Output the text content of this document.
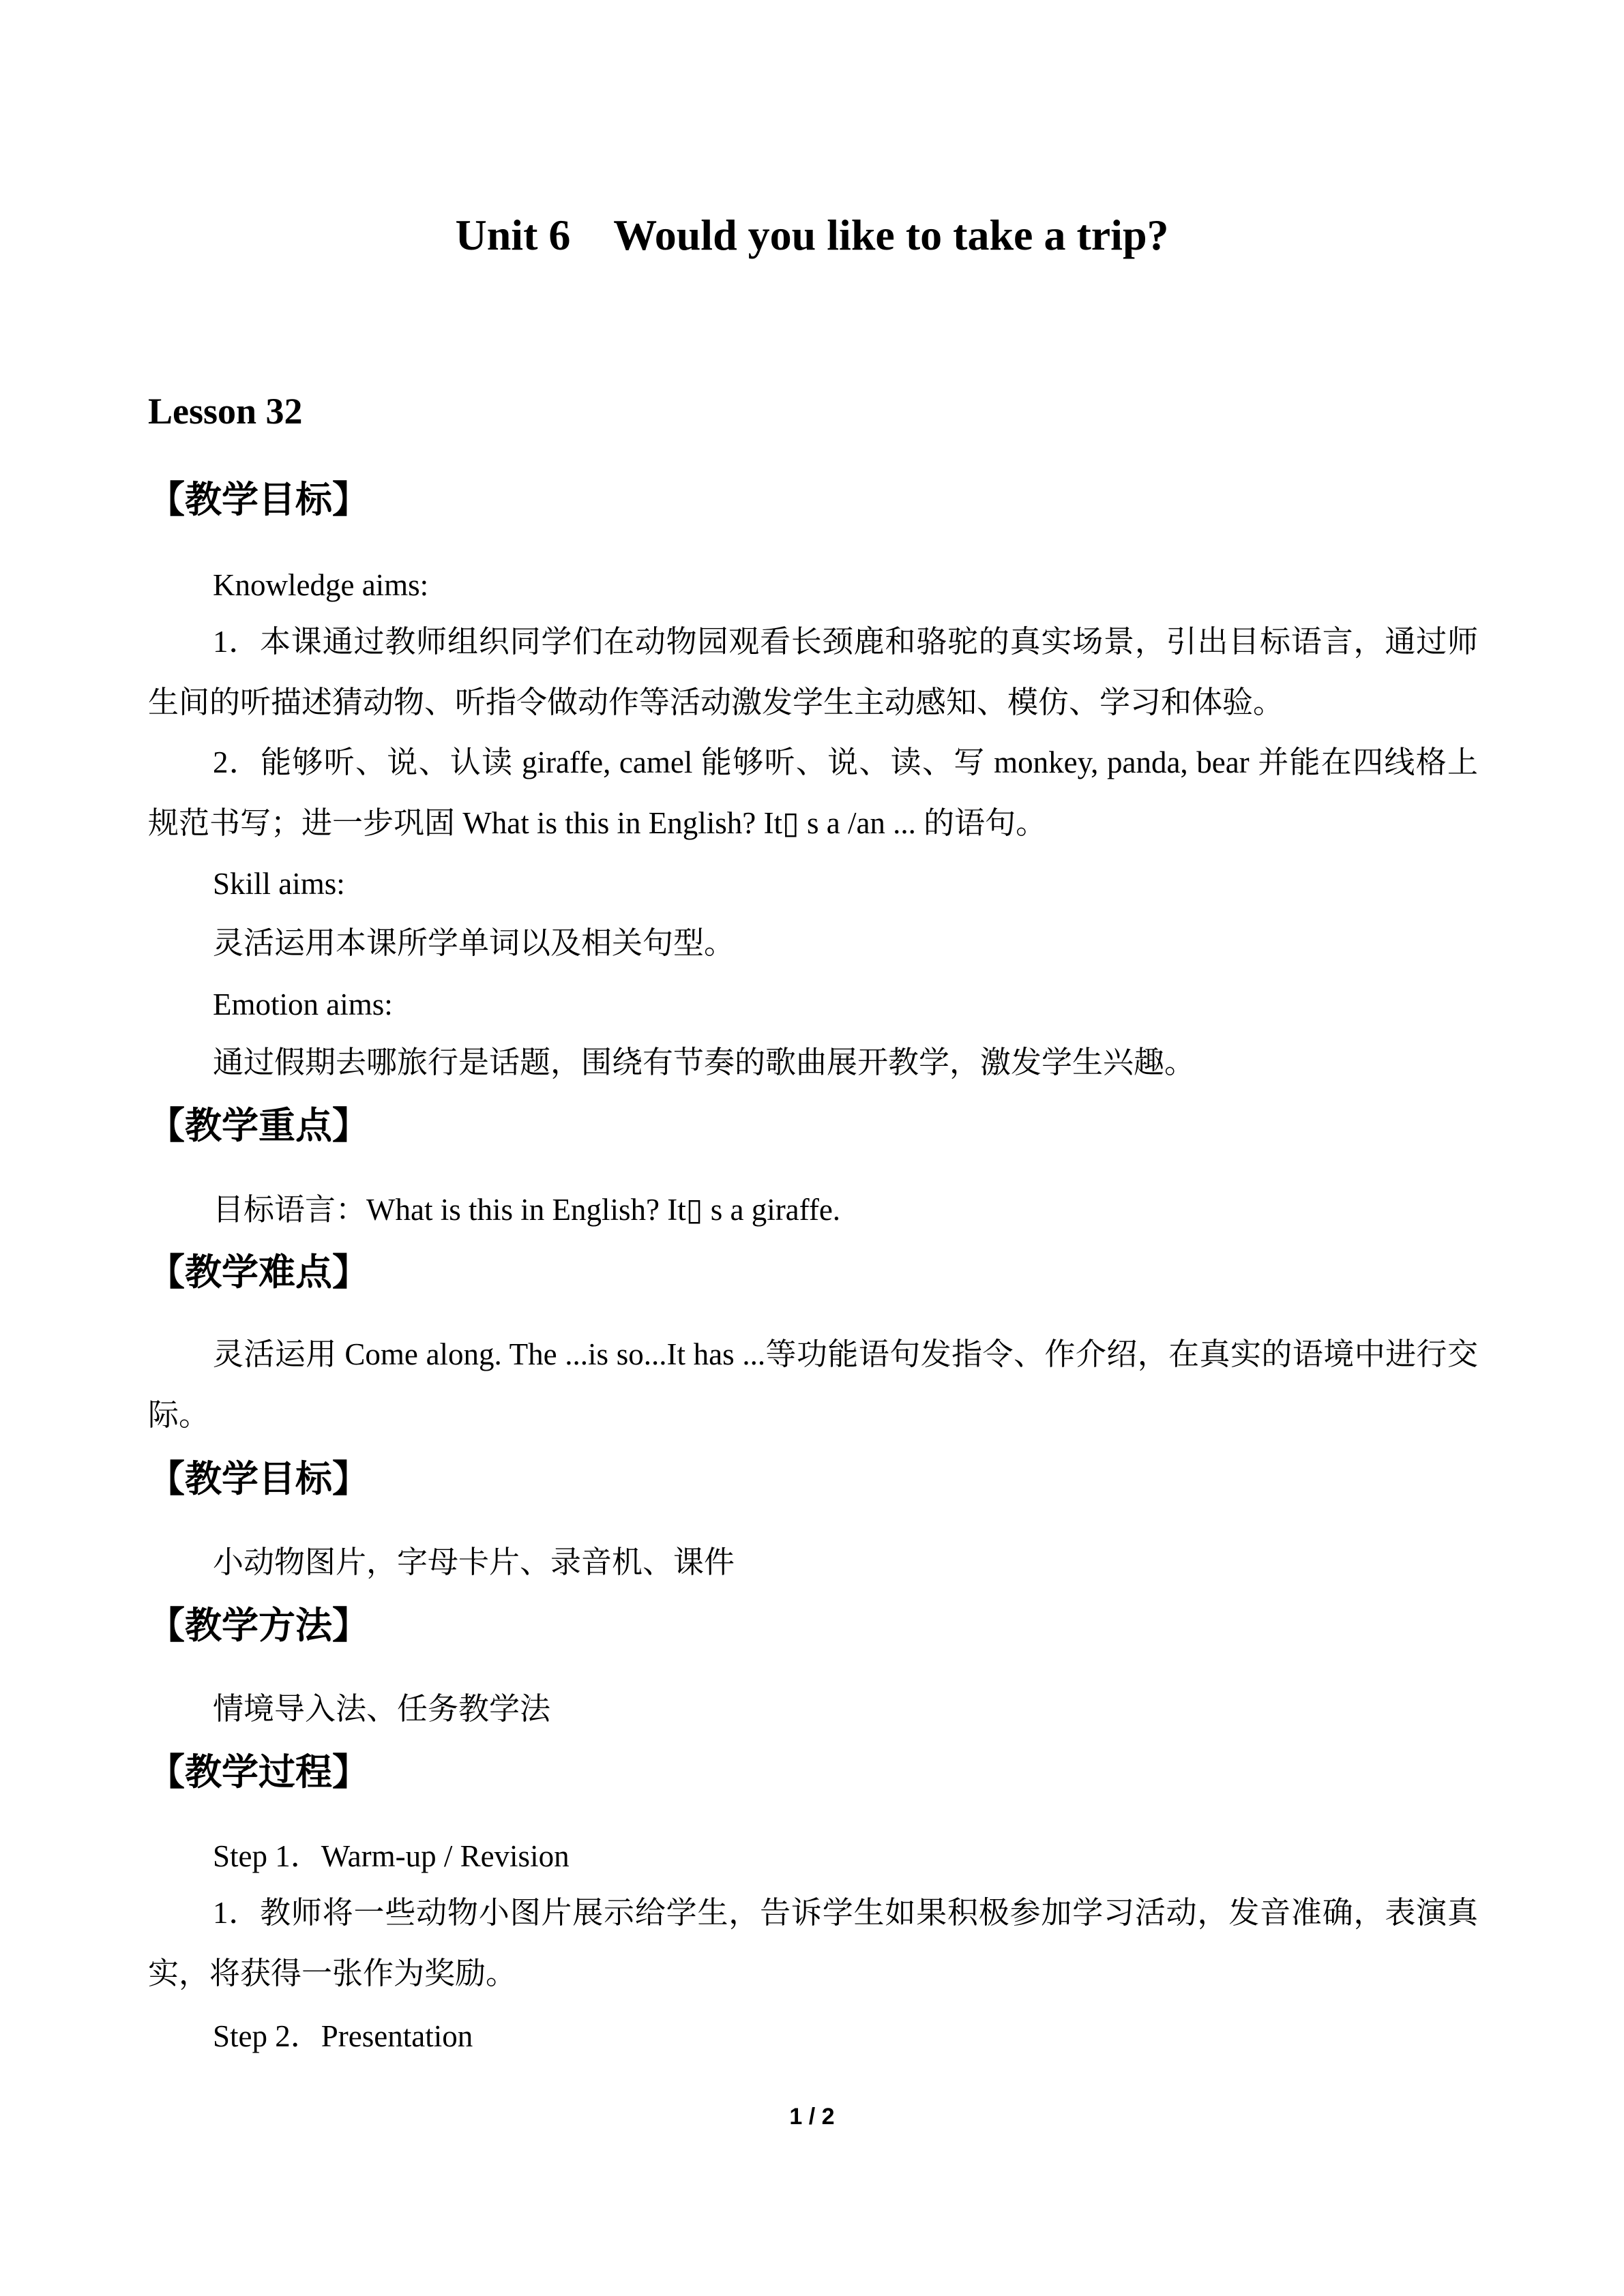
Unit 6    Would you like to take a trip?
Lesson 32
【教学目标】
Knowledge aims:
1．本课通过教师组织同学们在动物园观看长颈鹿和骆驼的真实场景，引出目标语言，通过师生间的听描述猜动物、听指令做动作等活动激发学生主动感知、模仿、学习和体验。
2．能够听、说、认读 giraffe, camel 能够听、说、读、写 monkey, panda, bear 并能在四线格上规范书写；进一步巩固 What is this in English? It▯ s a /an ... 的语句。
Skill aims:
灵活运用本课所学单词以及相关句型。
Emotion aims:
通过假期去哪旅行是话题，围绕有节奏的歌曲展开教学，激发学生兴趣。
【教学重点】
目标语言：What is this in English? It▯ s a giraffe.
【教学难点】
灵活运用 Come along. The ...is so...It has ...等功能语句发指令、作介绍，在真实的语境中进行交际。
【教学目标】
小动物图片，字母卡片、录音机、课件
【教学方法】
情境导入法、任务教学法
【教学过程】
Step 1．Warm-up / Revision
1．教师将一些动物小图片展示给学生，告诉学生如果积极参加学习活动，发音准确，表演真实，将获得一张作为奖励。
Step 2．Presentation
1 / 2
